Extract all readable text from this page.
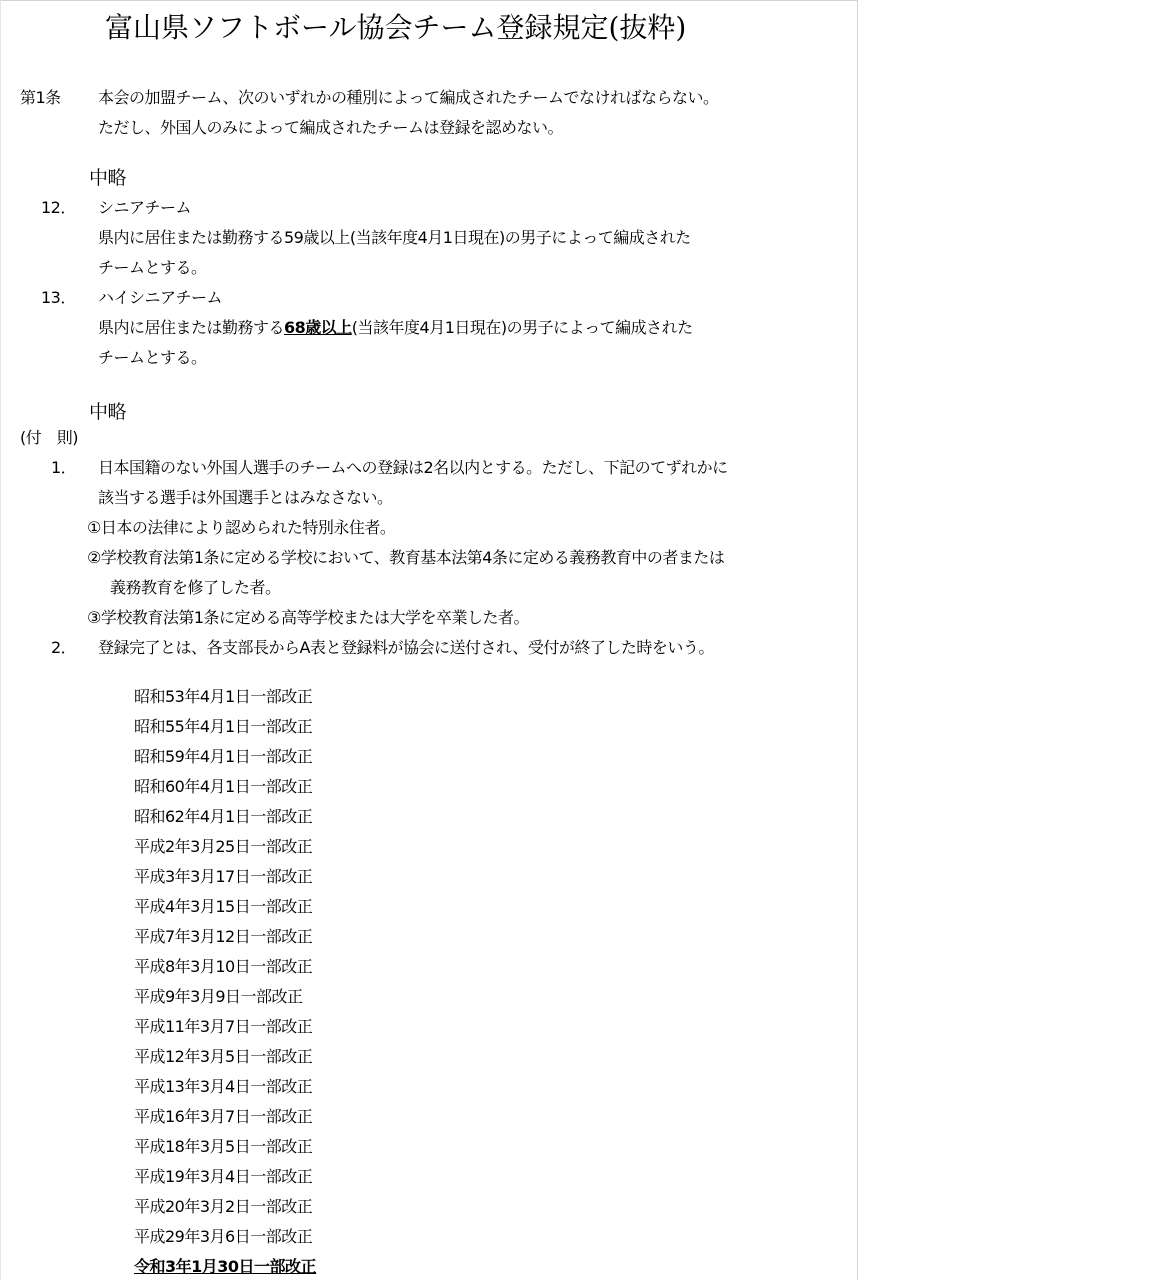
富山県ソフトボール協会チーム登録規定(抜粋)
第1条 本会の加盟チーム、次のいずれかの種別によって編成されたチームでなければならない。
ただし、外国人のみによって編成されたチームは登録を認めない。
中略
12． シニアチーム
県内に居住または勤務する59歳以上(当該年度4月1日現在)の男子によって編成された
チームとする。
13． ハイシニアチーム
県内に居住または勤務する68歳以上(当該年度4月1日現在)の男子によって編成された
チームとする。
中略
(付　則)
1． 日本国籍のない外国人選手のチームへの登録は2名以内とする。ただし、下記のてずれかに
該当する選手は外国選手とはみなさない。
①日本の法律により認められた特別永住者。
②学校教育法第1条に定める学校において、教育基本法第4条に定める義務教育中の者または
義務教育を修了した者。
③学校教育法第1条に定める高等学校または大学を卒業した者。
2． 登録完了とは、各支部長からA表と登録料が協会に送付され、受付が終了した時をいう。
昭和53年4月1日一部改正
昭和55年4月1日一部改正
昭和59年4月1日一部改正
昭和60年4月1日一部改正
昭和62年4月1日一部改正
平成2年3月25日一部改正
平成3年3月17日一部改正
平成4年3月15日一部改正
平成7年3月12日一部改正
平成8年3月10日一部改正
平成9年3月9日一部改正
平成11年3月7日一部改正
平成12年3月5日一部改正
平成13年3月4日一部改正
平成16年3月7日一部改正
平成18年3月5日一部改正
平成19年3月4日一部改正
平成20年3月2日一部改正
平成29年3月6日一部改正
令和3年1月30日一部改正
